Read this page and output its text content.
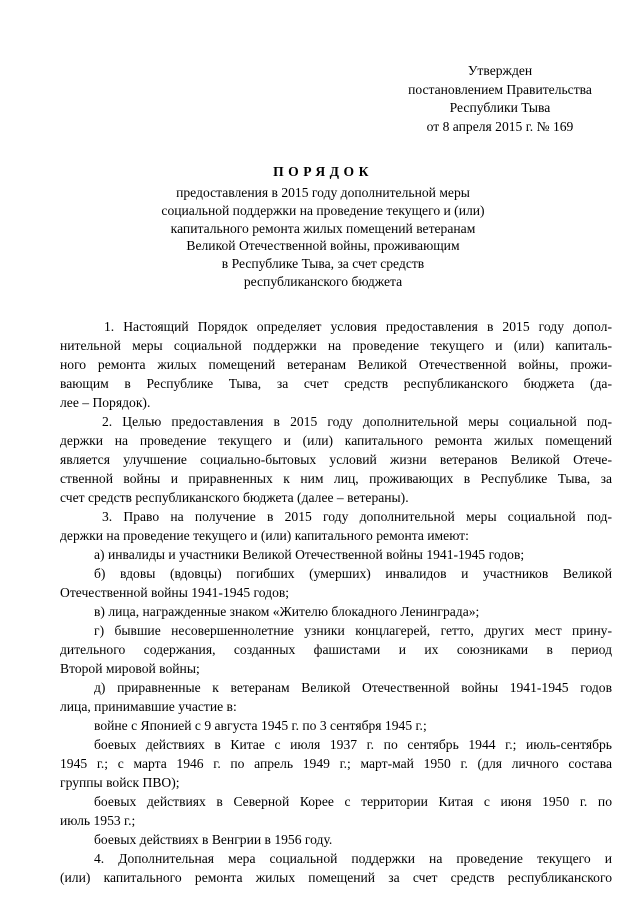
Утвержден
постановлением Правительства
Республики Тыва
от 8 апреля 2015 г. № 169
ПОРЯДОК
предоставления в 2015 году дополнительной меры
социальной поддержки на проведение текущего и (или)
капитального ремонта жилых помещений ветеранам
Великой Отечественной войны, проживающим
в Республике Тыва, за счет средств
республиканского бюджета
1. Настоящий Порядок определяет условия предоставления в 2015 году допол-
нительной меры социальной поддержки на проведение текущего и (или) капиталь-
ного ремонта жилых помещений ветеранам Великой Отечественной войны, прожи-
вающим в Республике Тыва, за счет средств республиканского бюджета (да-
лее – Порядок).
2. Целью предоставления в 2015 году дополнительной меры социальной под-
держки на проведение текущего и (или) капитального ремонта жилых помещений
является улучшение социально-бытовых условий жизни ветеранов Великой Отече-
ственной войны и приравненных к ним лиц, проживающих в Республике Тыва, за
счет средств республиканского бюджета (далее – ветераны).
3. Право на получение в 2015 году дополнительной меры социальной под-
держки на проведение текущего и (или) капитального ремонта имеют:
а) инвалиды и участники Великой Отечественной войны 1941-1945 годов;
б) вдовы (вдовцы) погибших (умерших) инвалидов и участников Великой
Отечественной войны 1941-1945 годов;
в) лица, награжденные знаком «Жителю блокадного Ленинграда»;
г) бывшие несовершеннолетние узники концлагерей, гетто, других мест прину-
дительного содержания, созданных фашистами и их союзниками в период
Второй мировой войны;
д) приравненные к ветеранам Великой Отечественной войны 1941-1945 годов
лица, принимавшие участие в:
войне с Японией с 9 августа 1945 г. по 3 сентября 1945 г.;
боевых действиях в Китае с июля 1937 г. по сентябрь 1944 г.; июль-сентябрь
1945 г.; с марта 1946 г. по апрель 1949 г.; март-май 1950 г. (для личного состава
группы войск ПВО);
боевых действиях в Северной Корее с территории Китая с июня 1950 г. по
июль 1953 г.;
боевых действиях в Венгрии в 1956 году.
4. Дополнительная мера социальной поддержки на проведение текущего и
(или) капитального ремонта жилых помещений за счет средств республиканского
